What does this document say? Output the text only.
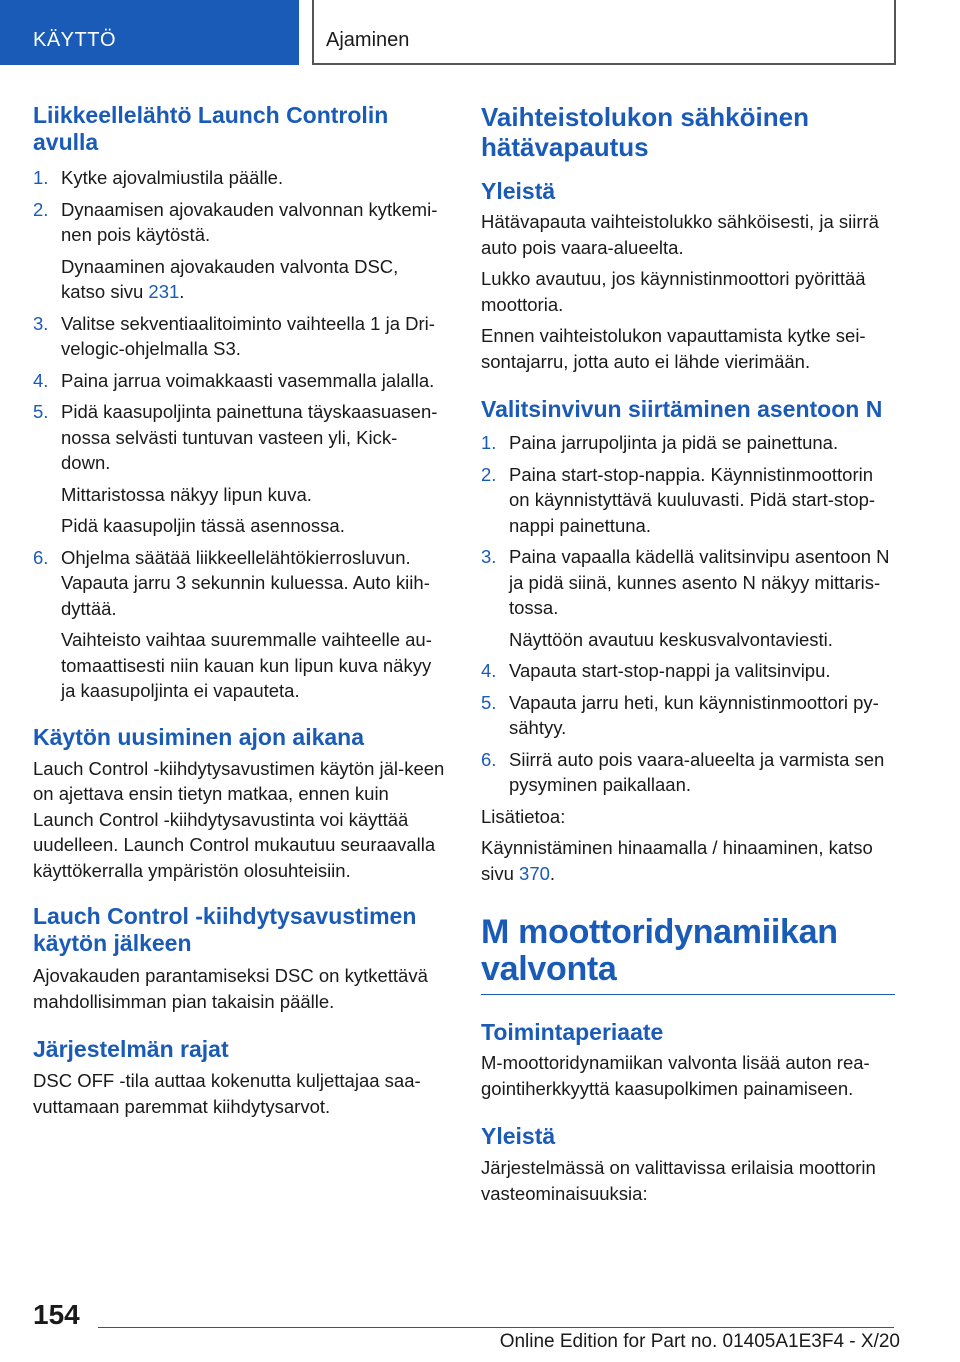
KÄYTTÖ	Ajaminen
Liikkeellelähtö Launch Controlin avulla
1. Kytke ajovalmiustila päälle.
2. Dynaamisen ajovakauden valvonnan kytkemi-nen pois käytöstä.

Dynaaminen ajovakauden valvonta DSC, katso sivu 231.

3. Valitse sekventiaalitoiminto vaihteella 1 ja Dri-velogic-ohjelmalla S3.
4. Paina jarrua voimakkaasti vasemmalla jalalla.
5. Pidä kaasupoljinta painettuna täyskaasuasen-nossa selvästi tuntuvan vasteen yli, Kick-down.

Mittaristossa näkyy lipun kuva.

Pidä kaasupoljin tässä asennossa.

6. Ohjelma säätää liikkeellelähtökierrosluvun. Vapauta jarru 3 sekunnin kuluessa. Auto kiih-dyttää.

Vaihteisto vaihtaa suuremmalle vaihteelle au-tomaattisesti niin kauan kun lipun kuva näkyy ja kaasupoljinta ei vapauteta.

Käytön uusiminen ajon aikana

Lauch Control -kiihdytysavustimen käytön jäl-keen on ajettava ensin tietyn matkaa, ennen kuin Launch Control -kiihdytysavustinta voi käyttää uudelleen. Launch Control mukautuu seuraavalla käyttökerralla ympäristön olosuhteisiin.

Lauch Control -kiihdytysavustimen käytön jälkeen

Ajovakauden parantamiseksi DSC on kytkettävä mahdollisimman pian takaisin päälle.

Järjestelmän rajat

DSC OFF -tila auttaa kokenutta kuljettajaa saa-vuttamaan paremmat kiihdytysarvot.

Vaihteistolukon sähköinen hätävapautus
Yleistä

Hätävapauta vaihteistolukko sähköisesti, ja siirrä auto pois vaara-alueelta.

Lukko avautuu, jos käynnistinmoottori pyörittää moottoria.

Ennen vaihteistolukon vapauttamista kytke sei-sontajarru, jotta auto ei lähde vierimään.

Valitsinvivun siirtäminen asentoon N
1. Paina jarrupoljinta ja pidä se painettuna.
2. Paina start-stop-nappia. Käynnistinmoottorin on käynnistyttävä kuuluvasti. Pidä start-stop-nappi painettuna.
3. Paina vapaalla kädellä valitsinvipu asentoon N ja pidä siinä, kunnes asento N näkyy mittaris-tossa.

Näyttöön avautuu keskusvalvontaviesti.

4. Vapauta start-stop-nappi ja valitsinvipu.
5. Vapauta jarru heti, kun käynnistinmoottori py-sähtyy.
6. Siirrä auto pois vaara-alueelta ja varmista sen pysyminen paikallaan.

Lisätietoa:

Käynnistäminen hinaamalla / hinaaminen, katso sivu 370.

M moottoridynamiikan valvonta
Toimintaperiaate

M-moottoridynamiikan valvonta lisää auton rea-gointiherkkyyttä kaasupolkimen painamiseen.

Yleistä

Järjestelmässä on valittavissa erilaisia moottorin vasteominaisuuksia:

154
Online Edition for Part no. 01405A1E3F4 - X/20
